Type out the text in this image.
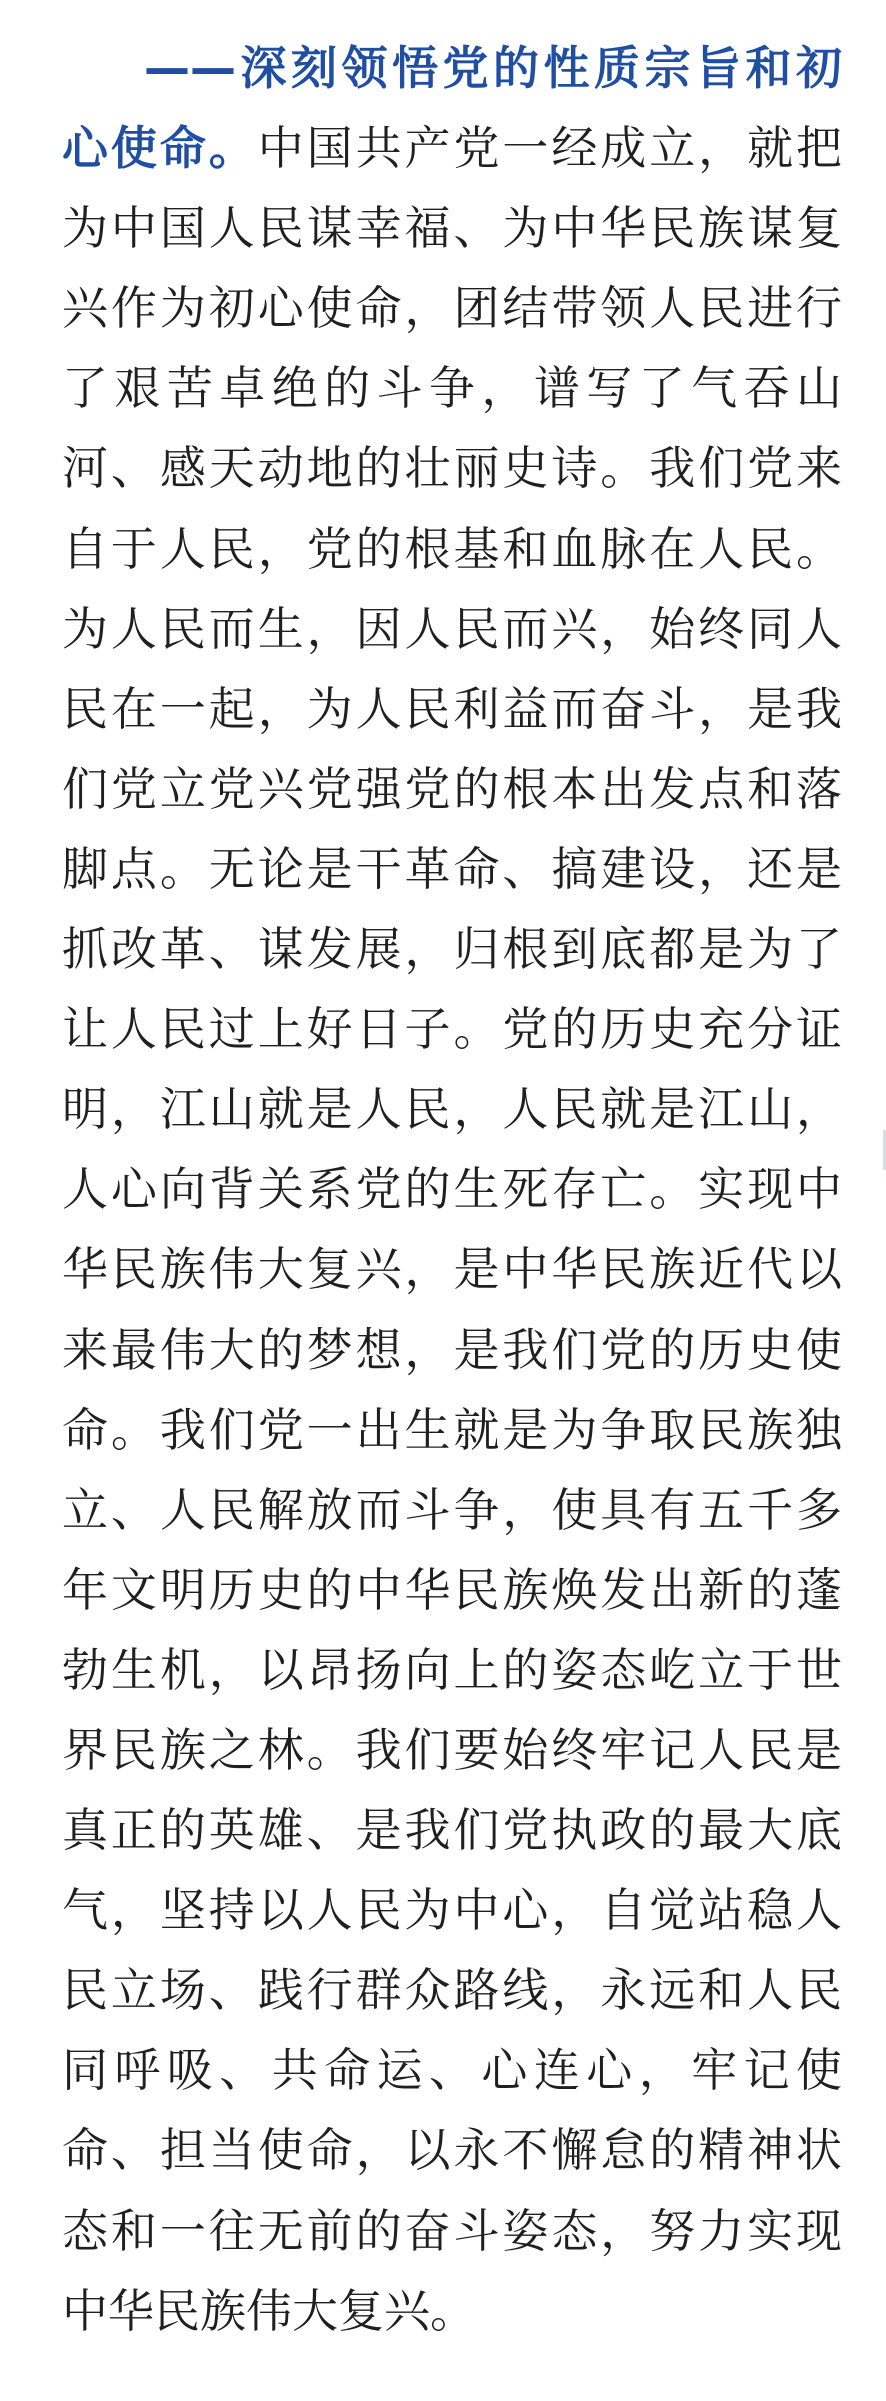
——深刻领悟党的性质宗旨和初
心使命。中国共产党一经成立，就把
为中国人民谋幸福、为中华民族谋复
兴作为初心使命，团结带领人民进行
了艰苦卓绝的斗争，谱写了气吞山
河、感天动地的壮丽史诗。我们党来
自于人民，党的根基和血脉在人民。
为人民而生，因人民而兴，始终同人
民在一起，为人民利益而奋斗，是我
们党立党兴党强党的根本出发点和落
脚点。无论是干革命、搞建设，还是
抓改革、谋发展，归根到底都是为了
让人民过上好日子。党的历史充分证
明，江山就是人民，人民就是江山，
人心向背关系党的生死存亡。实现中
华民族伟大复兴，是中华民族近代以
来最伟大的梦想，是我们党的历史使
命。我们党一出生就是为争取民族独
立、人民解放而斗争，使具有五千多
年文明历史的中华民族焕发出新的蓬
勃生机，以昂扬向上的姿态屹立于世
界民族之林。我们要始终牢记人民是
真正的英雄、是我们党执政的最大底
气，坚持以人民为中心，自觉站稳人
民立场、践行群众路线，永远和人民
同呼吸、共命运、心连心，牢记使
命、担当使命，以永不懈怠的精神状
态和一往无前的奋斗姿态，努力实现
中华民族伟大复兴。
